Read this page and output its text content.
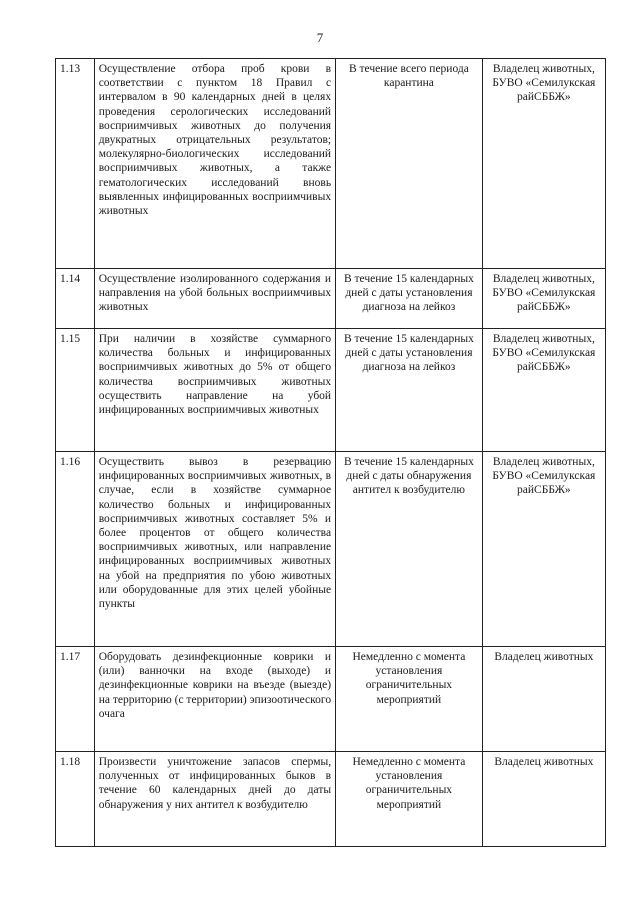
7
1.13	Осуществление отбора проб крови в соответствии с пунктом 18 Правил с интервалом в 90 календарных дней в целях проведения серологических исследований восприимчивых животных до получения двукратных отрицательных результатов; молекулярно-биологических исследований восприимчивых животных, а также гематологических исследований вновь выявленных инфицированных восприимчивых животных	В течение всего периода карантина	Владелец животных, БУВО «Семилукская райСББЖ»
1.14	Осуществление изолированного содержания и направления на убой больных восприимчивых животных	В течение 15 календарных дней с даты установления диагноза на лейкоз	Владелец животных, БУВО «Семилукская райСББЖ»
1.15	При наличии в хозяйстве суммарного количества больных и инфицированных восприимчивых животных до 5% от общего количества восприимчивых животных осуществить направление на убой инфицированных восприимчивых животных	В течение 15 календарных дней с даты установления диагноза на лейкоз	Владелец животных, БУВО «Семилукская райСББЖ»
1.16	Осуществить вывоз в резервацию инфицированных восприимчивых животных, в случае, если в хозяйстве суммарное количество больных и инфицированных восприимчивых животных составляет 5% и более процентов от общего количества восприимчивых животных, или направление инфицированных восприимчивых животных на убой на предприятия по убою животных или оборудованные для этих целей убойные пункты	В течение 15 календарных дней с даты обнаружения антител к возбудителю	Владелец животных, БУВО «Семилукская райСББЖ»
1.17	Оборудовать дезинфекционные коврики и (или) ванночки на входе (выходе) и дезинфекционные коврики на въезде (выезде) на территорию (с территории) эпизоотического очага	Немедленно с момента установления ограничительных мероприятий	Владелец животных
1.18	Произвести уничтожение запасов спермы, полученных от инфицированных быков в течение 60 календарных дней до даты обнаружения у них антител к возбудителю	Немедленно с момента установления ограничительных мероприятий	Владелец животных
